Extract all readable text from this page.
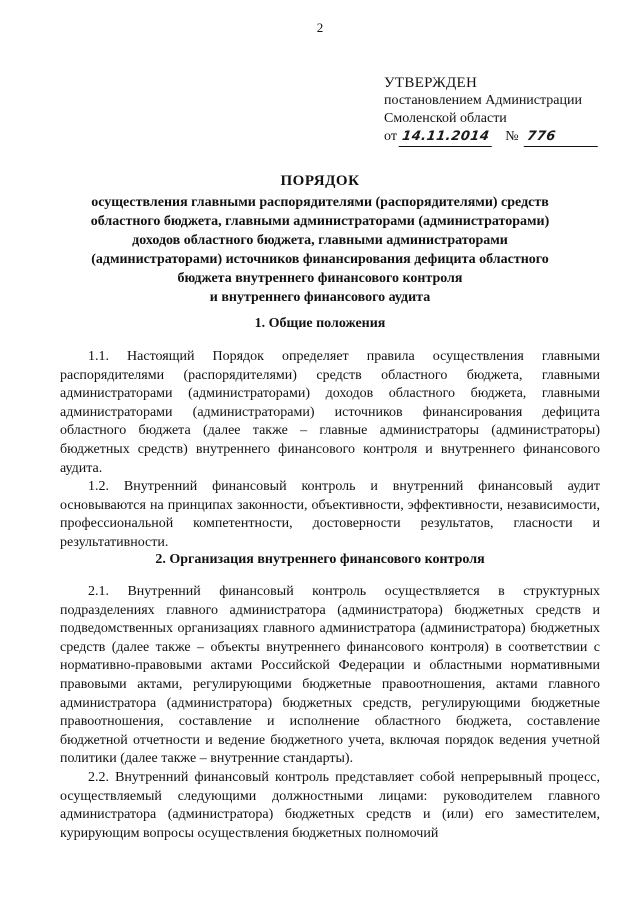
2
УТВЕРЖДЕН
постановлением Администрации
Смоленской области
от 14.11.2014 № 776
ПОРЯДОК
осуществления главными распорядителями (распорядителями) средств
областного бюджета, главными администраторами (администраторами)
доходов областного бюджета, главными администраторами
(администраторами) источников финансирования дефицита областного
бюджета внутреннего финансового контроля
и внутреннего финансового аудита
1. Общие положения

1.1. Настоящий Порядок определяет правила осуществления главными распорядителями (распорядителями) средств областного бюджета, главными администраторами (администраторами) доходов областного бюджета, главными администраторами (администраторами) источников финансирования дефицита областного бюджета (далее также – главные администраторы (администраторы) бюджетных средств) внутреннего финансового контроля и внутреннего финансового аудита.

1.2. Внутренний финансовый контроль и внутренний финансовый аудит основываются на принципах законности, объективности, эффективности, независимости, профессиональной компетентности, достоверности результатов, гласности и результативности.

2. Организация внутреннего финансового контроля

2.1. Внутренний финансовый контроль осуществляется в структурных подразделениях главного администратора (администратора) бюджетных средств и подведомственных организациях главного администратора (администратора) бюджетных средств (далее также – объекты внутреннего финансового контроля) в соответствии с нормативно-правовыми актами Российской Федерации и областными нормативными правовыми актами, регулирующими бюджетные правоотношения, актами главного администратора (администратора) бюджетных средств, регулирующими бюджетные правоотношения, составление и исполнение областного бюджета, составление бюджетной отчетности и ведение бюджетного учета, включая порядок ведения учетной политики (далее также – внутренние стандарты).

2.2. Внутренний финансовый контроль представляет собой непрерывный процесс, осуществляемый следующими должностными лицами: руководителем главного администратора (администратора) бюджетных средств и (или) его заместителем, курирующим вопросы осуществления бюджетных полномочий
